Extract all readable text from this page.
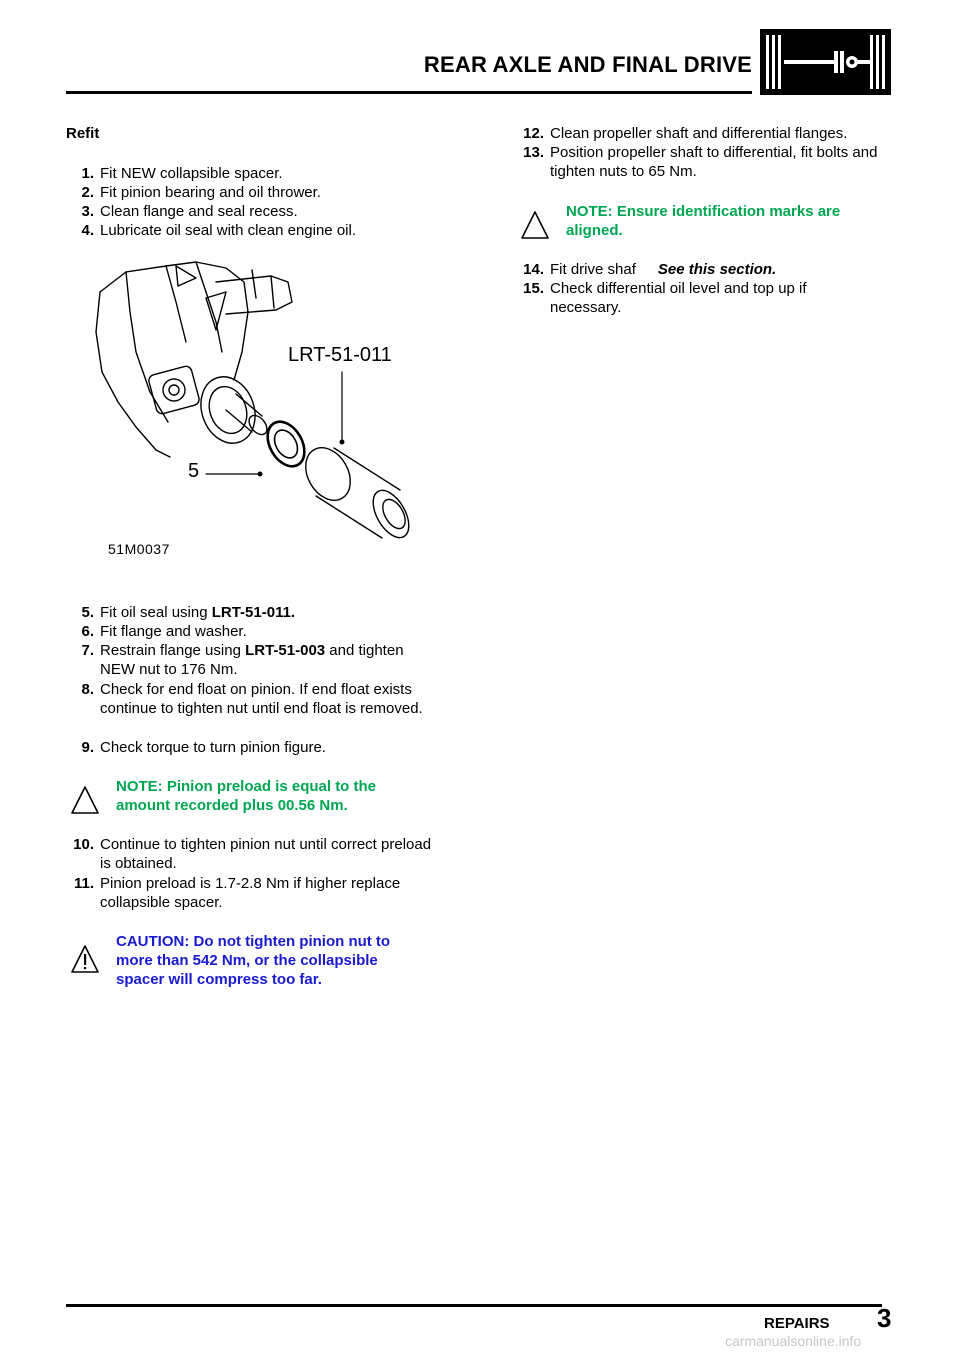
REAR AXLE AND FINAL DRIVE
Refit
1. Fit NEW collapsible spacer.
2. Fit pinion bearing and oil thrower.
3. Clean flange and seal recess.
4. Lubricate oil seal with clean engine oil.
LRT-51-011
5
51M0037
5. Fit oil seal using LRT-51-011.
6. Fit flange and washer.
7. Restrain flange using LRT-51-003 and tighten NEW nut to 176 Nm.
8. Check for end float on pinion. If end float exists continue to tighten nut until end float is removed.
9. Check torque to turn pinion figure.
NOTE: Pinion preload is equal to the amount recorded plus 00.56 Nm.
10. Continue to tighten pinion nut until correct preload is obtained.
11. Pinion preload is 1.7-2.8 Nm if higher replace collapsible spacer.
CAUTION: Do not tighten pinion nut to more than 542 Nm, or the collapsible spacer will compress too far.
12. Clean propeller shaft and differential flanges.
13. Position propeller shaft to differential, fit bolts and tighten nuts to 65 Nm.
NOTE: Ensure identification marks are aligned.
14. Fit drive shaf See this section.
15. Check differential oil level and top up if necessary.
REPAIRS 3
carmanualsonline.info
